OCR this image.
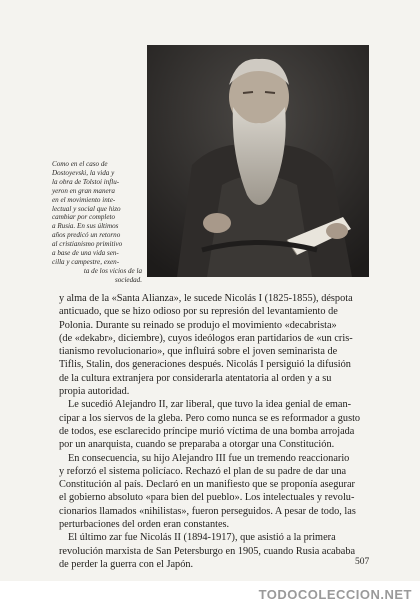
Como en el caso de
Dostoyevski, la vida y
la obra de Tolstoi influ-
yeron en gran manera
en el movimiento inte-
lectual y social que hizo
cambiar por completo
a Rusia. En sus últimos
años predicó un retorno
al cristianismo primitivo
a base de una vida sen-
cilla y campestre, exen-
ta de los vicios de la
sociedad.
y alma de la «Santa Alianza», le sucede Nicolás I (1825-1855), déspota
anticuado, que se hizo odioso por su represión del levantamiento de
Polonia. Durante su reinado se produjo el movimiento «decabrista»
(de «dekabr», diciembre), cuyos ideólogos eran partidarios de «un cris-
tianismo revolucionario», que influirá sobre el joven seminarista de
Tiflis, Stalin, dos generaciones después. Nicolás I persiguió la difusión
de la cultura extranjera por considerarla atentatoria al orden y a su
propia autoridad.
Le sucedió Alejandro II, zar liberal, que tuvo la idea genial de eman-
cipar a los siervos de la gleba. Pero como nunca se es reformador a gusto
de todos, ese esclarecido príncipe murió víctima de una bomba arrojada
por un anarquista, cuando se preparaba a otorgar una Constitución.
En consecuencia, su hijo Alejandro III fue un tremendo reaccionario
y reforzó el sistema policíaco. Rechazó el plan de su padre de dar una
Constitución al país. Declaró en un manifiesto que se proponía asegurar
el gobierno absoluto «para bien del pueblo». Los intelectuales y revolu-
cionarios llamados «nihilistas», fueron perseguidos. A pesar de todo, las
perturbaciones del orden eran constantes.
El último zar fue Nicolás II (1894-1917), que asistió a la primera
revolución marxista de San Petersburgo en 1905, cuando Rusia acababa
de perder la guerra con el Japón.	507
TODOCOLECCION.NET
